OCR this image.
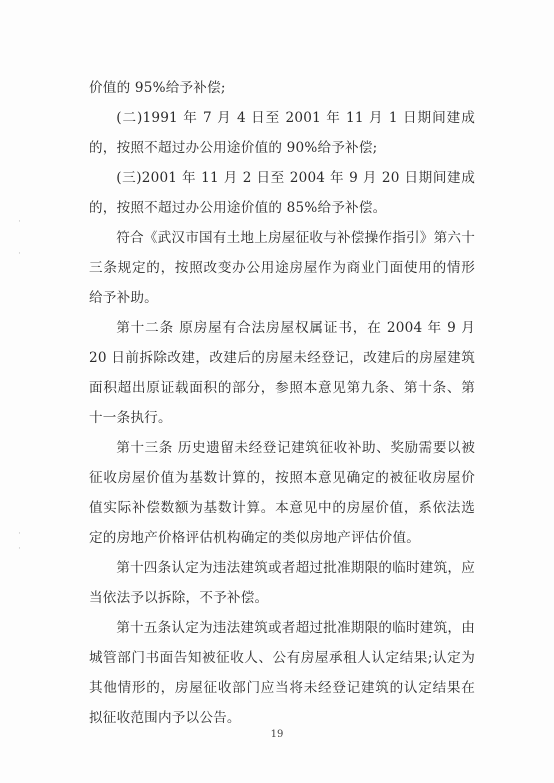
·
·
·
·

价值的 95%给予补偿;

(二)1991 年 7 月 4 日至 2001 年 11 月 1 日期间建成的，按照不超过办公用途价值的 90%给予补偿;

(三)2001 年 11 月 2 日至 2004 年 9 月 20 日期间建成的，按照不超过办公用途价值的 85%给予补偿。

符合《武汉市国有土地上房屋征收与补偿操作指引》第六十三条规定的，按照改变办公用途房屋作为商业门面使用的情形给予补助。

第十二条 原房屋有合法房屋权属证书，在 2004 年 9 月 20 日前拆除改建，改建后的房屋未经登记，改建后的房屋建筑面积超出原证载面积的部分，参照本意见第九条、第十条、第十一条执行。

第十三条 历史遗留未经登记建筑征收补助、奖励需要以被征收房屋价值为基数计算的，按照本意见确定的被征收房屋价值实际补偿数额为基数计算。本意见中的房屋价值，系依法选定的房地产价格评估机构确定的类似房地产评估价值。

第十四条认定为违法建筑或者超过批准期限的临时建筑，应当依法予以拆除，不予补偿。

第十五条认定为违法建筑或者超过批准期限的临时建筑，由城管部门书面告知被征收人、公有房屋承租人认定结果;认定为其他情形的，房屋征收部门应当将未经登记建筑的认定结果在拟征收范围内予以公告。

19
